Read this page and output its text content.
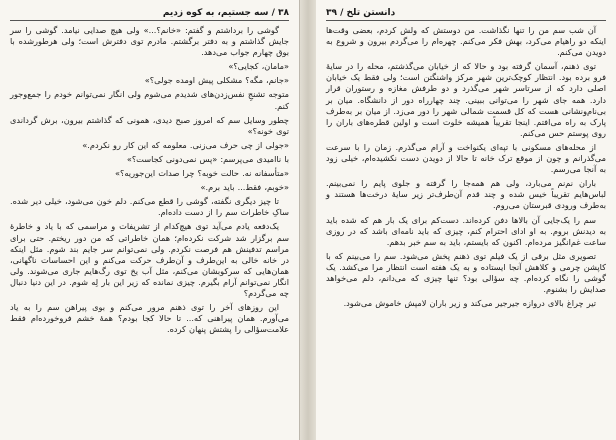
۳۸ / سه جستیم، به کوه زدیم

گوشی را برداشتم و گفتم: «خانم؟...» ولی هیچ صدایی نیامد. گوشی را سر جایش گذاشتم و به دفتر برگشتم. مادرم توی دفترش است؛ ولی هرطورشده با بوق چهارم جواب می‌دهد.

«مامان، کجایی؟»

«جانم، مگه؟ مشکلی پیش اومده جولی؟»

متوجه تشنجِ نفس‌زدن‌های شدیدم می‌شوم ولی انگار نمی‌توانم خودم را جمع‌وجور کنم.

چطور وسایل سم که امروز صبح دیدی، همونی که گذاشتم بیرون، برش گرداندی توی خونه؟»

«جولی از چی حرف می‌زنی. معلومه که این کار رو نکردم.»

با ناامیدی می‌پرسم: «پس نمی‌دونی کجاست؟»

«متأسفانه نه. حالت خوبه؟ چرا صدات این‌جوریه؟»

«خوبم، فقط... باید برم.»

تا چیز دیگری نگفته، گوشی را قطع می‌کنم. دلم خون می‌شود، خیلی دیر شده. ساکِ خاطرات سم را از دست داده‌ام.

یک‌دفعه یادم می‌آید توی هیچ‌کدام از تشریفات و مراسمی که با یاد و خاطرهٔ سم برگزار شد شرکت نکرده‌ام؛ همان خاطراتی که من دور ریختم. حتی برای مراسم تدفینش هم فرصت نکردم. ولی نمی‌توانم سر جایم بند شوم. مثل اینکه در خانه خالی به این‌طرف و آن‌طرف حرکت می‌کنم و این احساسات ناگهانی، همان‌هایی که سرکوبشان می‌کنم، مثل آب یخ توی رگ‌هایم جاری می‌شوند. ولی انگار نمی‌توانم آرام بگیرم. چیزی نمانده که زیر این بار لِه شوم. در این دنیا دنبال چه می‌گردم؟

این روزهای آخر را توی ذهنم مرور می‌کنم و بوی پیراهن سم را به یاد می‌آورم. همان پیراهنی که... تا حالا کجا بودم؟ همهٔ خشم فروخورده‌ام فقط علامت‌سؤالی را پشتش پنهان کرده.

دانستن تلخ / ۳۹

آن شب سم من را تنها نگذاشت. من دوستش که ولش کردم، بعضی وقت‌ها اینکه دو راهیام می‌کرد، بهش فکر می‌کنم. چهره‌ام را می‌گردم بیرون و شروع به دویدن می‌کنم.

توی ذهنم، آسمان گرفته بود و حالا که از خیابان می‌گذشتم، محله را در سایهٔ فرو برده بود. انتظار کوچک‌ترین شهر مرکز واشنگتن است؛ ولی فقط یک خیابان اصلی دارد که از سرتاسر شهر می‌گذرد و دو طرفش مغازه و رستوران قرار دارد. همه جای شهر را می‌توانی ببینی. چند چهارراه دور از دانشگاه. میان بر بی‌نام‌ونشانی هست که کل قسمت شمالی شهر را دور می‌زد. از میان بر به‌طرف پارک به راه می‌افتم. اینجا تقریباً همیشه خلوت است و اولین قطره‌های باران را روی پوستم حس می‌کنم.

از محله‌های مسکونی با تپه‌ای یکنواخت و آرام می‌گذرم. زمان را با سرعت می‌گذرانم و چون از موقع ترک خانه تا حالا از دویدن دست نکشیده‌ام، خیلی زود به آنجا می‌رسم.

باران نم‌نم می‌بارد، ولی هم همه‌جا را گرفته و جلوی پایم را نمی‌بینم. لباس‌هایم تقریباً خیس شده و چند قدم آن‌طرف‌تر زیر سایهٔ درخت‌ها هستند و به‌طرف ورودی قبرستان می‌روم.

سم را یک‌جایی آن بالاها دفن کرده‌اند. دست‌کم برای یک بار هم که شده باید به دیدنش بروم. به او ادای احترام کنم، چیزی که باید نامه‌ای باشد که در روزی ساعت غم‌انگیز مرده‌ام. اکنون که بایستم، باید به سم خبر بدهم.

تصویری مثل برقی از یک فیلم توی ذهنم پخش می‌شود. سم را می‌بینم که با کاپشن چرمی و کلاهش آنجا ایستاده و به یک هفته است انتظار مرا می‌کشد. یک گوشی را نگاه کرده‌ام. چه سؤالی بود؟ تنها چیزی که می‌دانم، دلم می‌خواهد صدایش را بشنوم.

تیر چراغ بالای دروازه جیرجیر می‌کند و زیر باران لامپش خاموش می‌شود.
